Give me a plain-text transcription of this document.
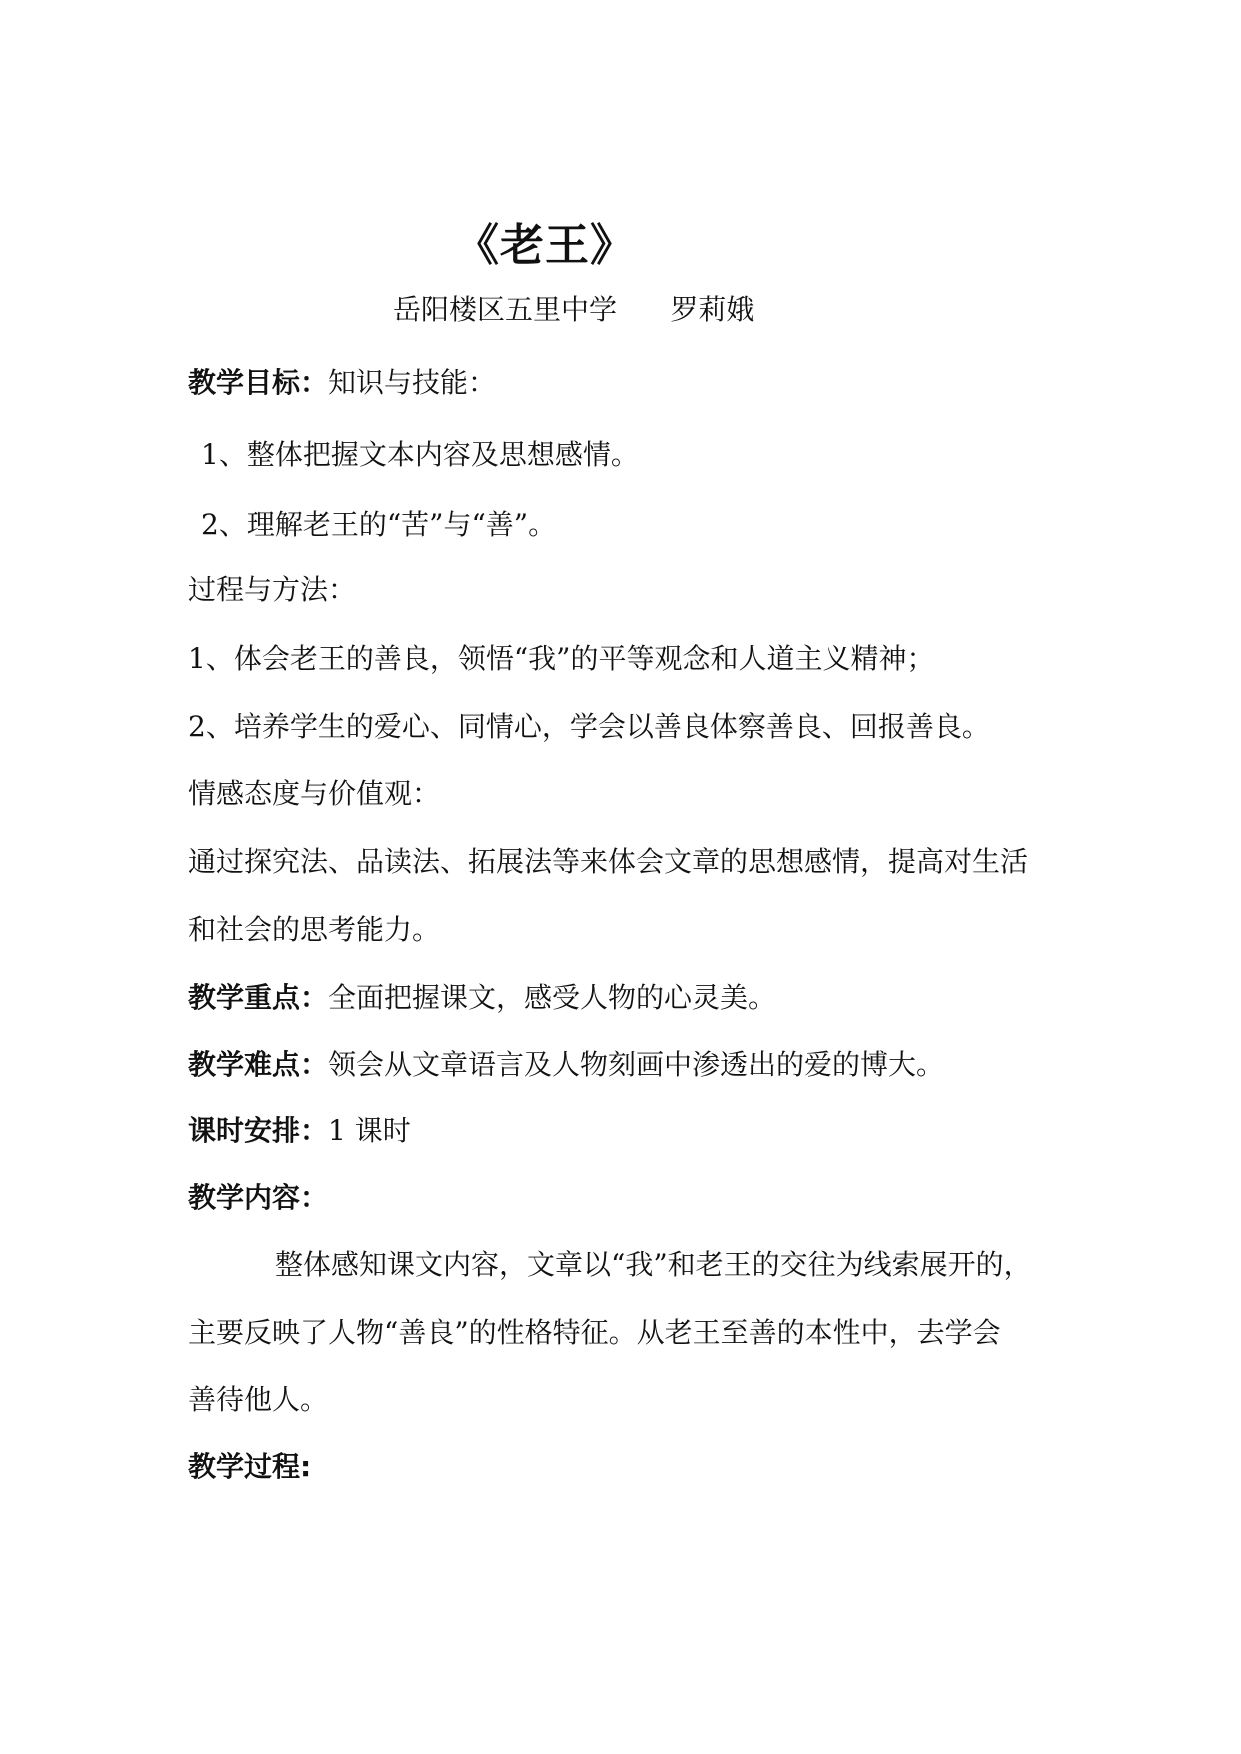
《老王》
岳阳楼区五里中学      罗莉娥
教学目标：知识与技能：
1、整体把握文本内容及思想感情。
2、理解老王的“苦”与“善”。
过程与方法：
1、体会老王的善良，领悟“我”的平等观念和人道主义精神；
2、培养学生的爱心、同情心，学会以善良体察善良、回报善良。
情感态度与价值观：
通过探究法、品读法、拓展法等来体会文章的思想感情，提高对生活
和社会的思考能力。
教学重点：全面把握课文，感受人物的心灵美。
教学难点：领会从文章语言及人物刻画中渗透出的爱的博大。
课时安排：1 课时
教学内容：
整体感知课文内容，文章以“我”和老王的交往为线索展开的，
主要反映了人物“善良”的性格特征。从老王至善的本性中，去学会
善待他人。
教学过程:
